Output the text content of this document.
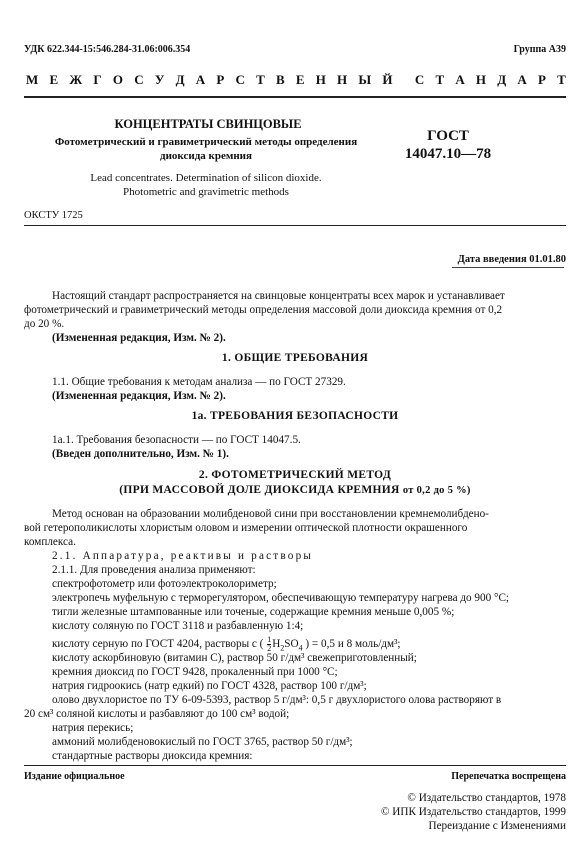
УДК 622.344-15:546.284-31.06:006.354	Группа А39
М Е Ж Г О С У Д А Р С Т В Е Н Н Ы Й С Т А Н Д А Р Т
КОНЦЕНТРАТЫ СВИНЦОВЫЕ
Фотометрический и гравиметрический методы определения
диоксида кремния
ГОСТ
14047.10—78
Lead concentrates. Determination of silicon dioxide.
Photometric and gravimetric methods
ОКСТУ 1725
Дата введения 01.01.80
Настоящий стандарт распространяется на свинцовые концентраты всех марок и устанавливает
фотометрический и гравиметрический методы определения массовой доли диоксида кремния от 0,2
до 20 %.
(Измененная редакция, Изм. № 2).
1. ОБЩИЕ ТРЕБОВАНИЯ
1.1. Общие требования к методам анализа — по ГОСТ 27329.
(Измененная редакция, Изм. № 2).
1а. ТРЕБОВАНИЯ БЕЗОПАСНОСТИ
1а.1. Требования безопасности — по ГОСТ 14047.5.
(Введен дополнительно, Изм. № 1).
2. ФОТОМЕТРИЧЕСКИЙ МЕТОД
(ПРИ МАССОВОЙ ДОЛЕ ДИОКСИДА КРЕМНИЯ от 0,2 до 5 %)
Метод основан на образовании молибденовой сини при восстановлении кремнемолибдено-
вой гетерополикислоты хлористым оловом и измерении оптической плотности окрашенного
комплекса.
2.1. Аппаратура, реактивы и растворы
2.1.1. Для проведения анализа применяют:
спектрофотометр или фотоэлектроколориметр;
электропечь муфельную с терморегулятором, обеспечивающую температуру нагрева до 900 °С;
тигли железные штампованные или точеные, содержащие кремния меньше 0,005 %;
кислоту соляную по ГОСТ 3118 и разбавленную 1:4;
кислоту серную по ГОСТ 4204, растворы с ( $\frac{1}{2} H_2SO_4$ ) = 0,5 и 8 моль/дм³;
кислоту аскорбиновую (витамин С), раствор 50 г/дм³ свежеприготовленный;
кремния диоксид по ГОСТ 9428, прокаленный при 1000 °С;
натрия гидроокись (натр едкий) по ГОСТ 4328, раствор 100 г/дм³;
олово двухлористое по ТУ 6-09-5393, раствор 5 г/дм³: 0,5 г двухлористого олова растворяют в
20 см³ соляной кислоты и разбавляют до 100 см³ водой;
натрия перекись;
аммоний молибденовокислый по ГОСТ 3765, раствор 50 г/дм³;
стандартные растворы диоксида кремния:
Издание официальное	Перепечатка воспрещена
© Издательство стандартов, 1978
© ИПК Издательство стандартов, 1999
Переиздание с Изменениями
